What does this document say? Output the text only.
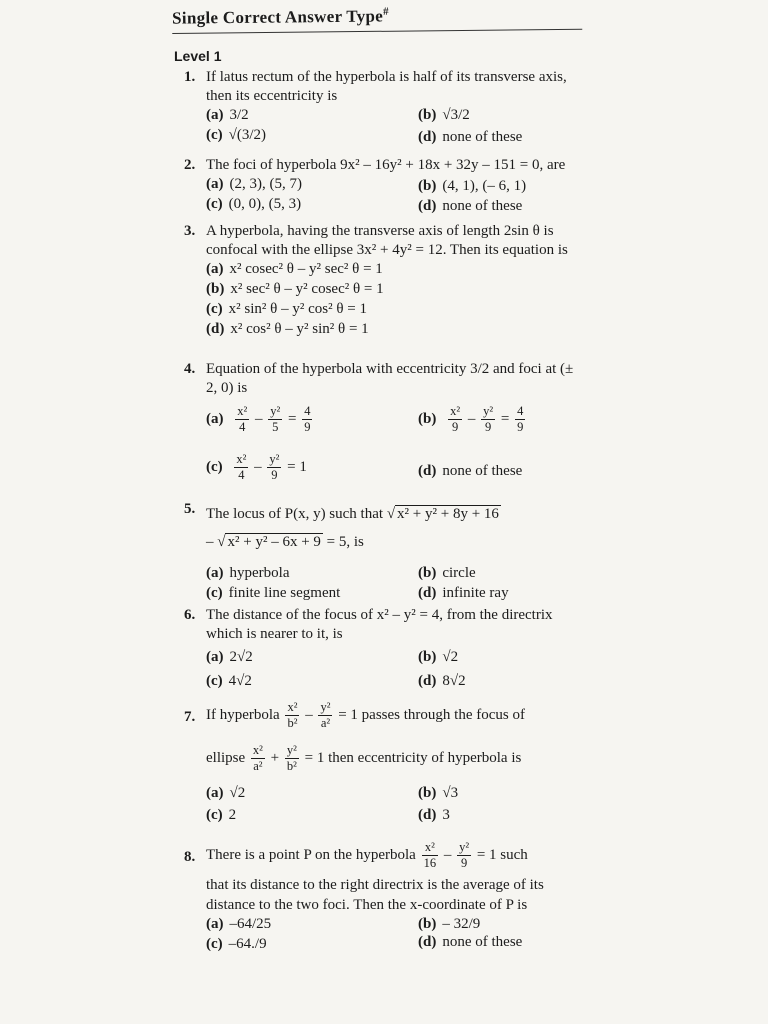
Single Correct Answer Type#
Level 1
1. If latus rectum of the hyperbola is half of its transverse axis, then its eccentricity is
(a) 3/2	(b) √3/2
(c) √(3/2)	(d) none of these
2. The foci of hyperbola 9x² – 16y² + 18x + 32y – 151 = 0, are
(a) (2, 3), (5, 7)	(b) (4, 1), (– 6, 1)
(c) (0, 0), (5, 3)	(d) none of these
3. A hyperbola, having the transverse axis of length 2sin θ is confocal with the ellipse 3x² + 4y² = 12. Then its equation is
(a) x² cosec² θ – y² sec² θ = 1
(b) x² sec² θ – y² cosec² θ = 1
(c) x² sin² θ – y² cos² θ = 1
(d) x² cos² θ – y² sin² θ = 1
4. Equation of the hyperbola with eccentricity 3/2 and foci at (± 2, 0) is
$(a) \frac{\text{x²}}{4} - \frac{\text{y²}}{5} = \frac{4}{9}$	$(b) \frac{\text{x²}}{9} - \frac{\text{y²}}{9} = \frac{4}{9}$
$(c) \frac{\text{x²}}{4} - \frac{\text{y²}}{9} = 1$	(d) none of these
5. The locus of P(x, y) such that √ x² + y² + 8y + 16
– √ x² + y² – 6x + 9 = 5, is
(a) hyperbola	(b) circle
(c) finite line segment	(d) infinite ray
6. The distance of the focus of x² – y² = 4, from the directrix which is nearer to it, is
(a) 2√2	(b) √2
(c) 4√2	(d) 8√2
7. If hyperbola $\frac{\text{x²}}{\text{b²}} - \frac{\text{y²}}{\text{a²}} = 1$ passes through the focus of
ellipse $\frac{\text{x²}}{\text{a²}} + \frac{\text{y²}}{\text{b²}} = 1$ then eccentricity of hyperbola is
(a) √2	(b) √3
(c) 2	(d) 3
8. There is a point P on the hyperbola $\frac{\text{x²}}{16} - \frac{\text{y²}}{9} = 1$ such
that its distance to the right directrix is the average of its distance to the two foci. Then the x-coordinate of P is
(a) –64/25	(b) – 32/9
(c) –64./9	(d) none of these
